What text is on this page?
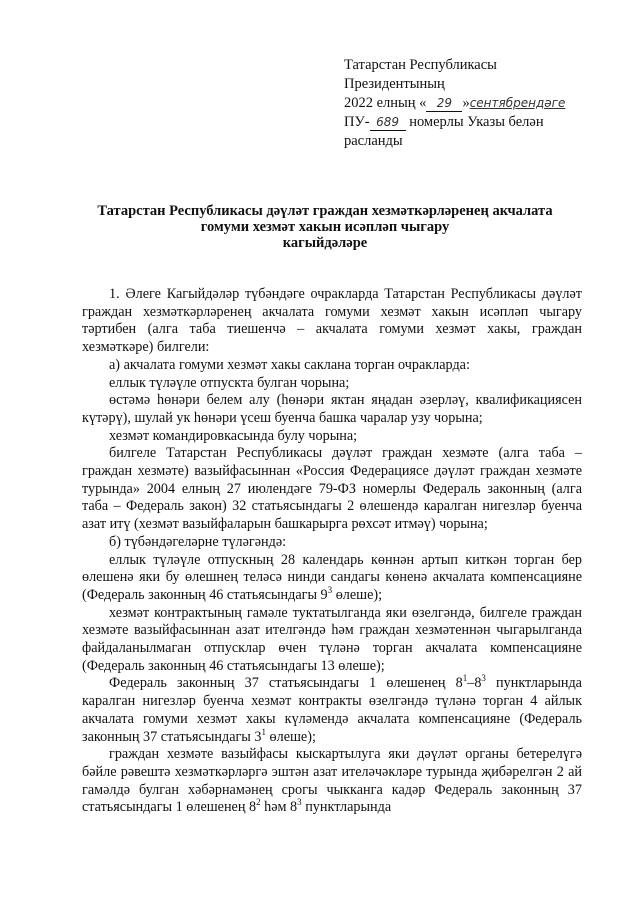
Татарстан Республикасы
Президентының
2022 елның « 29 »сентябрендәге
ПУ- 689 номерлы Указы белән
расланды
Татарстан Республикасы дәүләт граждан хезмәткәрләренең акчалата
гомуми хезмәт хакын исәпләп чыгару
кагыйдәләре

1. Әлеге Кагыйдәләр түбәндәге очракларда Татарстан Республикасы дәүләт граждан хезмәткәрләренең акчалата гомуми хезмәт хакын исәпләп чыгару тәртибен (алга таба тиешенчә – акчалата гомуми хезмәт хакы, граждан хезмәткәре) билгели:

а) акчалата гомуми хезмәт хакы саклана торган очракларда:

еллык түләүле отпускта булган чорына;

өстәмә һөнәри белем алу (һөнәри яктан яңадан әзерләү, квалификациясен күтәрү), шулай ук һөнәри үсеш буенча башка чаралар узу чорына;

хезмәт командировкасында булу чорына;

билгеле Татарстан Республикасы дәүләт граждан хезмәте (алга таба – граждан хезмәте) вазыйфасыннан «Россия Федерациясе дәүләт граждан хезмәте турында» 2004 елның 27 июлендәге 79-ФЗ номерлы Федераль законның (алга таба – Федераль закон) 32 статьясындагы 2 өлешендә каралган нигезләр буенча азат итү (хезмәт вазыйфаларын башкарырга рөхсәт итмәү) чорына;

б) түбәндәгеләрне түләгәндә:

еллык түләүле отпускның 28 календарь көннән артып киткән торган бер өлешенә яки бу өлешнең теләсә нинди сандагы көненә акчалата компенсацияне (Федераль законның 46 статьясындагы $9^3$ өлеше);

хезмәт контрактының гамәле туктатылганда яки өзелгәндә, билгеле граждан хезмәте вазыйфасыннан азат ителгәндә һәм граждан хезмәтеннән чыгарылганда файдаланылмаган отпусклар өчен түләнә торган акчалата компенсацияне (Федераль законның 46 статьясындагы 13 өлеше);

Федераль законның 37 статьясындагы 1 өлешенең $8^1-8^3$ пунктларында каралган нигезләр буенча хезмәт контракты өзелгәндә түләнә торган 4 айлык акчалата гомуми хезмәт хакы күләмендә акчалата компенсацияне (Федераль законның 37 статьясындагы $3^1$ өлеше);

граждан хезмәте вазыйфасы кыскартылуга яки дәүләт органы бетерелүгә бәйле рәвештә хезмәткәрләргә эштән азат ителәчәкләре турында җибәрелгән 2 ай гамәлдә булган хәбәрнамәнең срогы чыкканга кадәр Федераль законның 37 статьясындагы 1 өлешенең $8^2$ һәм $8^3$ пунктларында
